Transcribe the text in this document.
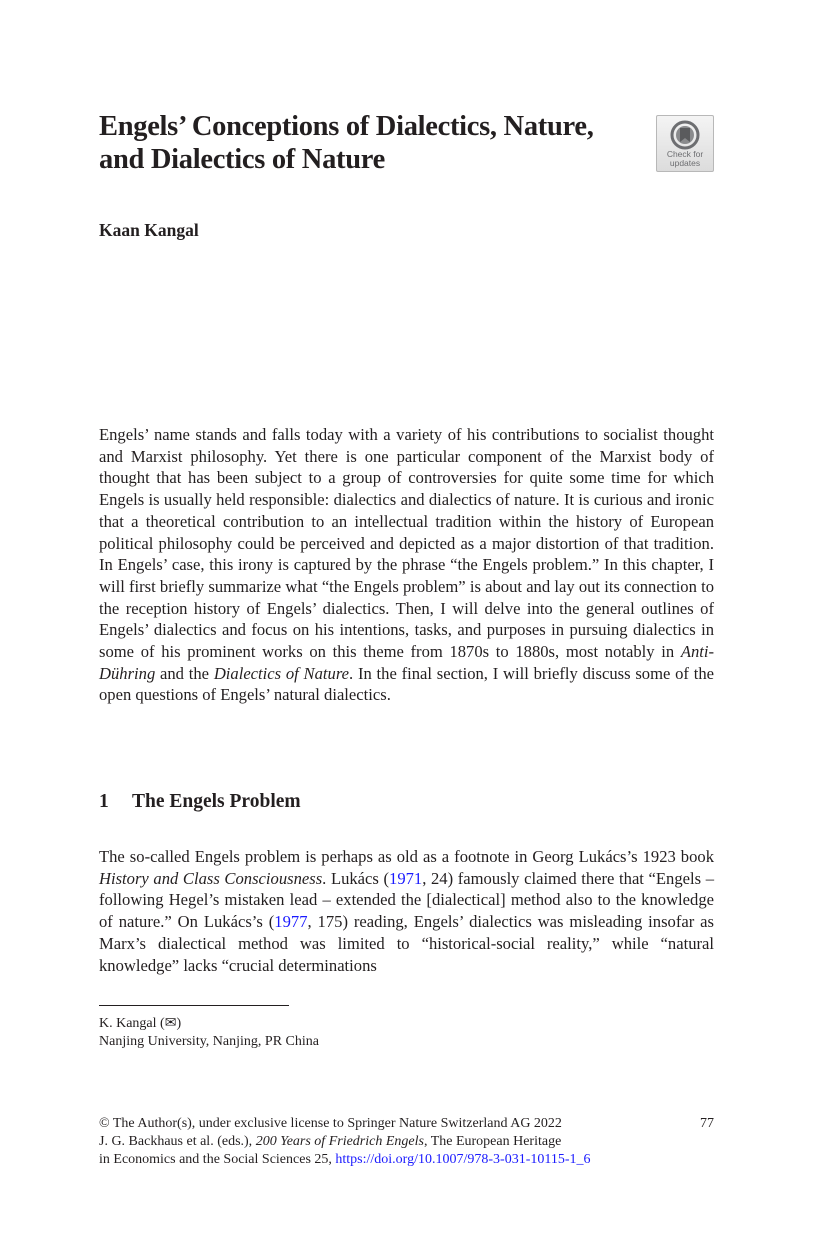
Engels’ Conceptions of Dialectics, Nature, and Dialectics of Nature	Check for
updates

Kaan Kangal

Engels’ name stands and falls today with a variety of his contributions to socialist thought and Marxist philosophy. Yet there is one particular component of the Marxist body of thought that has been subject to a group of controversies for quite some time for which Engels is usually held responsible: dialectics and dialectics of nature. It is curious and ironic that a theoretical contribution to an intellectual tradition within the history of European political philosophy could be perceived and depicted as a major distortion of that tradition. In Engels’ case, this irony is captured by the phrase “the Engels problem.” In this chapter, I will first briefly summarize what “the Engels problem” is about and lay out its connection to the reception history of Engels’ dialectics. Then, I will delve into the general outlines of Engels’ dialectics and focus on his intentions, tasks, and purposes in pursuing dialectics in some of his prominent works on this theme from 1870s to 1880s, most notably in Anti-Dühring and the Dialectics of Nature. In the final section, I will briefly discuss some of the open questions of Engels’ natural dialectics.

1 The Engels Problem

The so-called Engels problem is perhaps as old as a footnote in Georg Lukács’s 1923 book History and Class Consciousness. Lukács (1971, 24) famously claimed there that “Engels – following Hegel’s mistaken lead – extended the [dialectical] method also to the knowledge of nature.” On Lukács’s (1977, 175) reading, Engels’ dialectics was misleading insofar as Marx’s dialectical method was limited to “historical-social reality,” while “natural knowledge” lacks “crucial determinations

K. Kangal (✉)
Nanjing University, Nanjing, PR China
77
© The Author(s), under exclusive license to Springer Nature Switzerland AG 2022
J. G. Backhaus et al. (eds.), 200 Years of Friedrich Engels, The European Heritage
in Economics and the Social Sciences 25, https://doi.org/10.1007/978-3-031-10115-1_6
